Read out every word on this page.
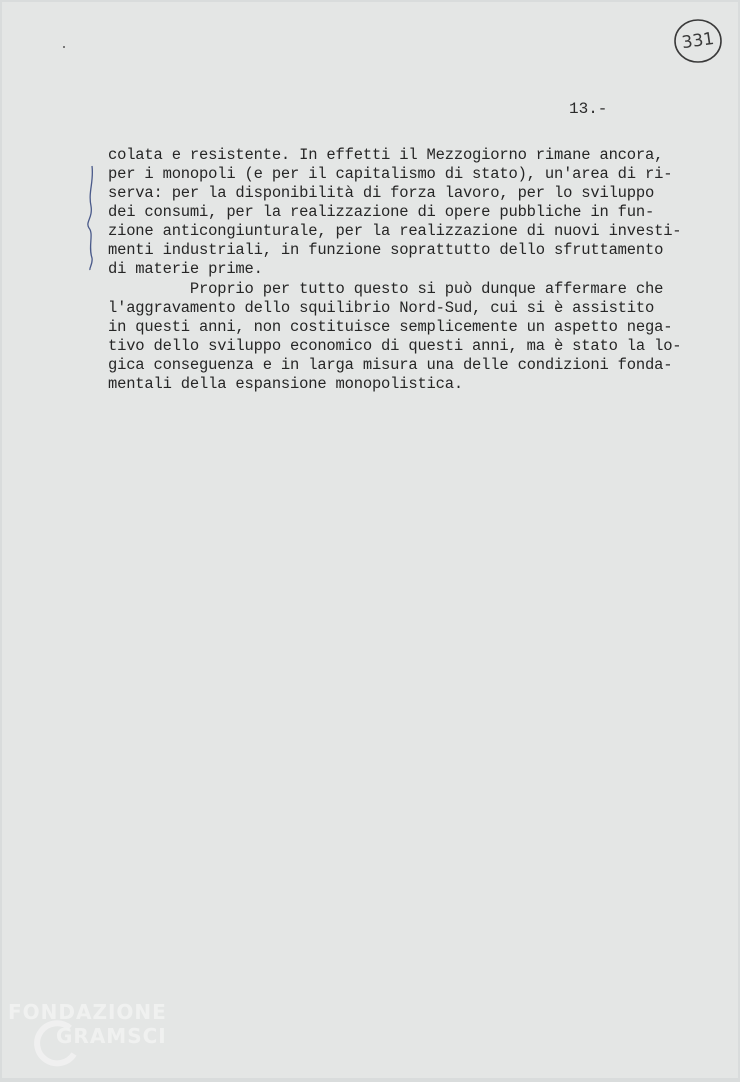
331
13.-
colata e resistente. In effetti il Mezzogiorno rimane ancora,
per i monopoli (e per il capitalismo di stato), un'area di ri-
serva: per la disponibilità di forza lavoro, per lo sviluppo
dei consumi, per la realizzazione di opere pubbliche in fun-
zione anticongiunturale, per la realizzazione di nuovi investi-
menti industriali, in funzione soprattutto dello sfruttamento
di materie prime.
Proprio per tutto questo si può dunque affermare che
l'aggravamento dello squilibrio Nord-Sud, cui si è assistito
in questi anni, non costituisce semplicemente un aspetto nega-
tivo dello sviluppo economico di questi anni, ma è stato la lo-
gica conseguenza e in larga misura una delle condizioni fonda-
mentali della espansione monopolistica.
FONDAZIONE
GRAMSCI
